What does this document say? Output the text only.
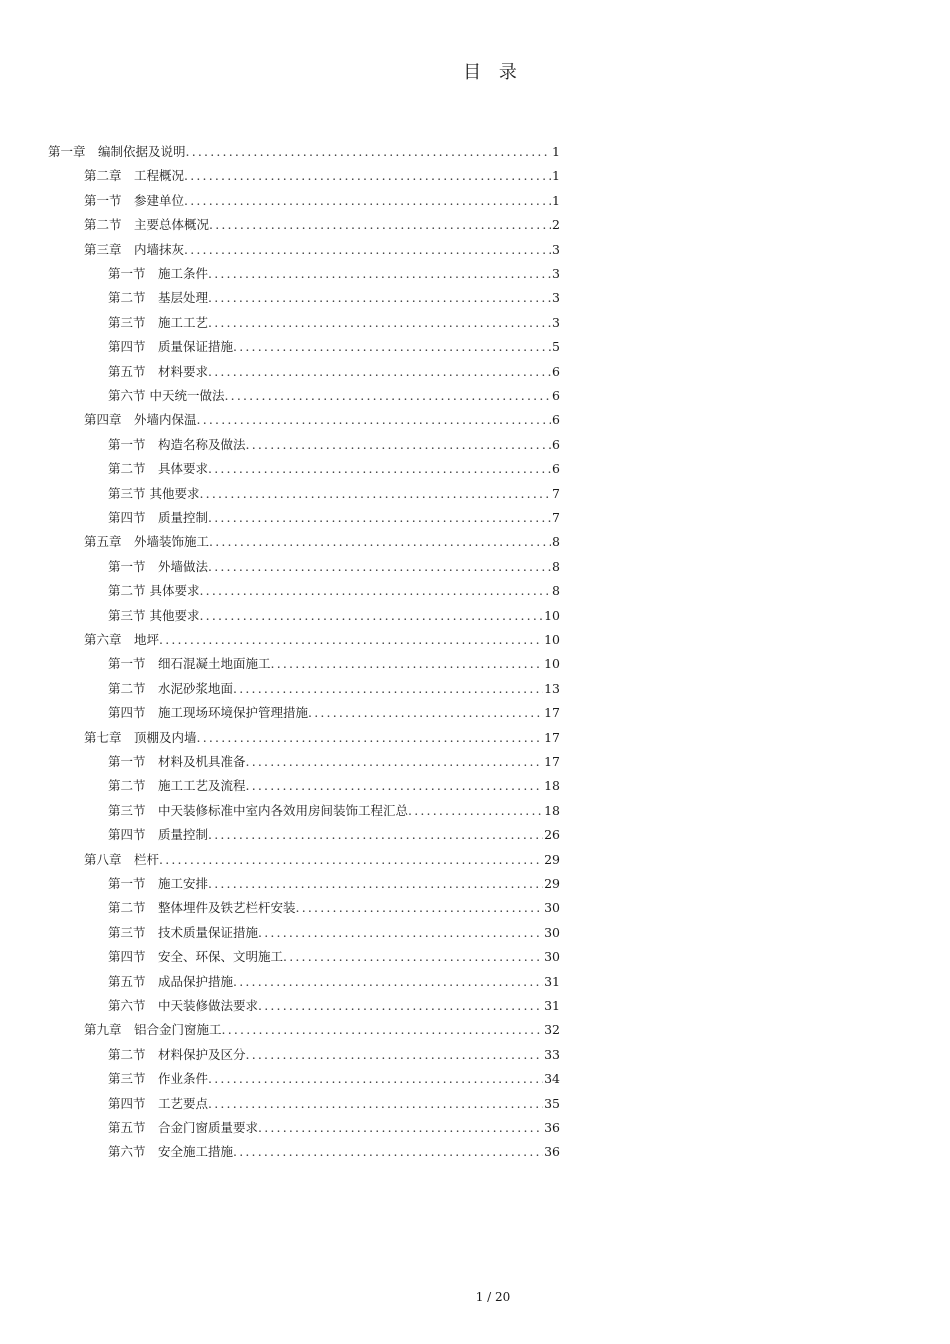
目 录
第一章　编制依据及说明 .....	1
第二章　工程概况 .....	1
第一节　参建单位 .....	1
第二节　主要总体概况 .....	2
第三章　内墙抹灰 .....	3
第一节　施工条件 .....	3
第二节　基层处理 .....	3
第三节　施工工艺 .....	3
第四节　质量保证措施 .....	5
第五节　材料要求 .....	6
第六节 中天统一做法 .....	6
第四章　外墙内保温 .....	6
第一节　构造名称及做法 .....	6
第二节　具体要求 .....	6
第三节 其他要求 .....	7
第四节　质量控制 .....	7
第五章　外墙装饰施工 .....	8
第一节　外墙做法 .....	8
第二节 具体要求 .....	8
第三节 其他要求 .....	10
第六章　地坪 .....	10
第一节　细石混凝土地面施工 .....	10
第二节　水泥砂浆地面 .....	13
第四节　施工现场环境保护管理措施 .....	17
第七章　顶棚及内墙 .....	17
第一节　材料及机具准备 .....	17
第二节　施工工艺及流程 .....	18
第三节　中天装修标准中室内各效用房间装饰工程汇总 .....	18
第四节　质量控制 .....	26
第八章　栏杆 .....	29
第一节　施工安排 .....	29
第二节　整体埋件及铁艺栏杆安装 .....	30
第三节　技术质量保证措施 .....	30
第四节　安全、环保、文明施工 .....	30
第五节　成品保护措施 .....	31
第六节　中天装修做法要求 .....	31
第九章　铝合金门窗施工 .....	32
第二节　材料保护及区分 .....	33
第三节　作业条件 .....	34
第四节　工艺要点 .....	35
第五节　合金门窗质量要求 .....	36
第六节　安全施工措施 .....	36
1 / 20
